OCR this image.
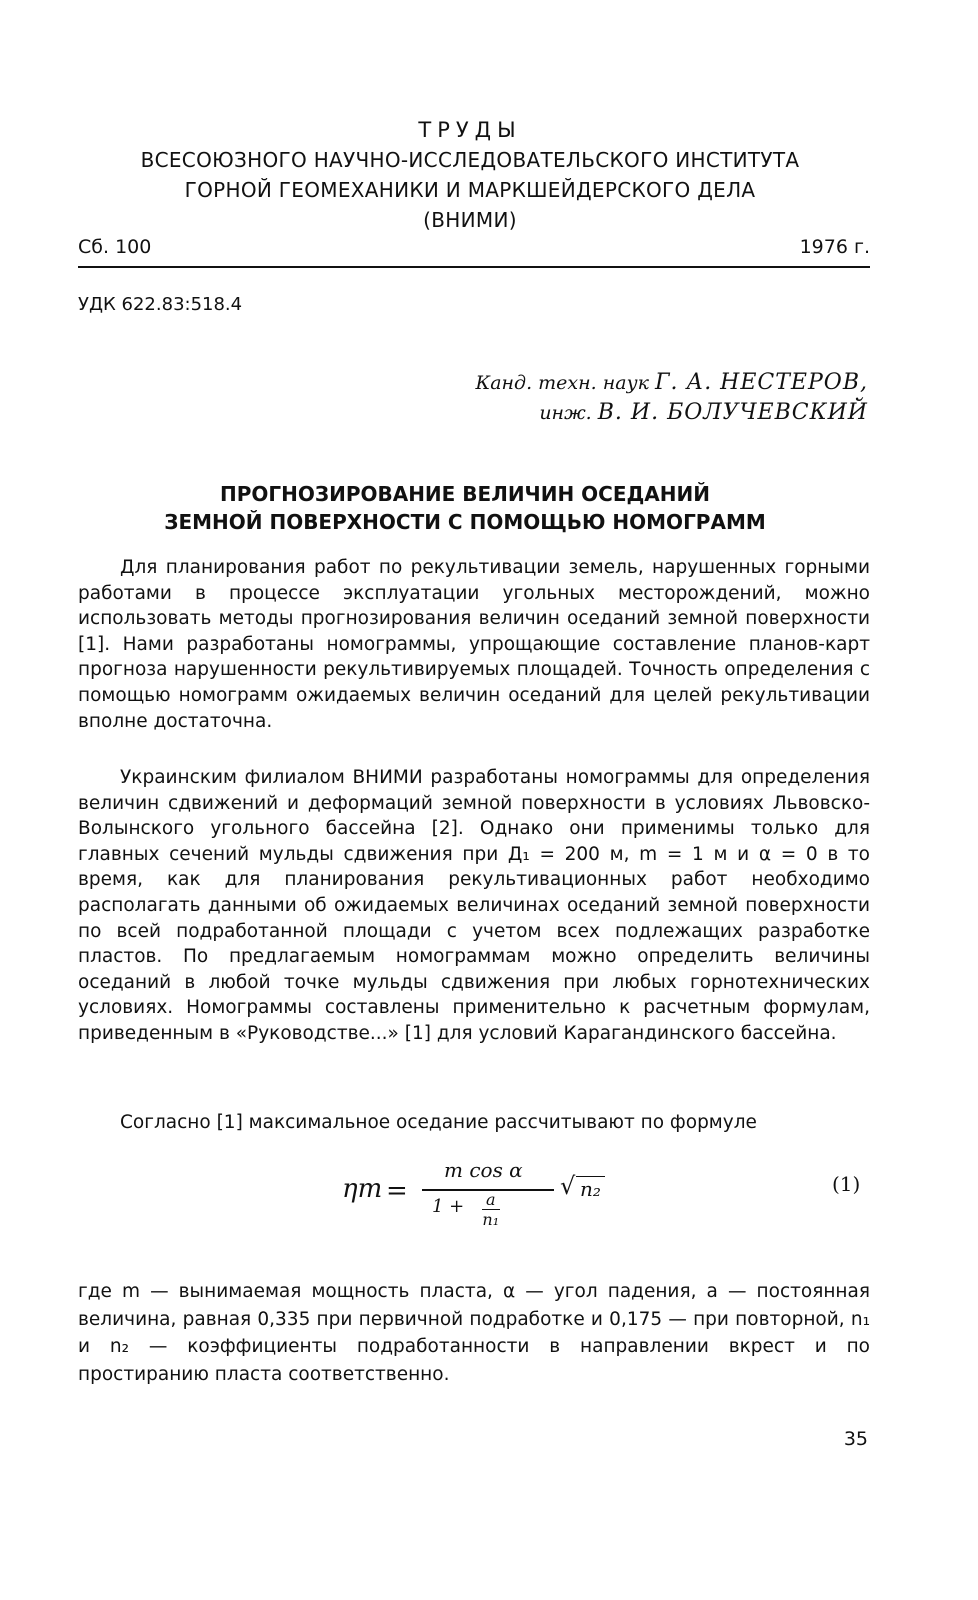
ТРУДЫ
ВСЕСОЮЗНОГО НАУЧНО-ИССЛЕДОВАТЕЛЬСКОГО ИНСТИТУТА
ГОРНОЙ ГЕОМЕХАНИКИ И МАРКШЕЙДЕРСКОГО ДЕЛА
(ВНИМИ)
Сб. 100	1976 г.
УДК 622.83:518.4
Канд. техн. наук Г. А. НЕСТЕРОВ,
инж. В. И. БОЛУЧЕВСКИЙ
ПРОГНОЗИРОВАНИЕ ВЕЛИЧИН ОСЕДАНИЙ
ЗЕМНОЙ ПОВЕРХНОСТИ С ПОМОЩЬЮ НОМОГРАММ

Для планирования работ по рекультивации земель, нарушенных горными работами в процессе эксплуатации угольных месторождений, можно использовать методы прогнозирования величин оседаний земной поверхности [1]. Нами разработаны номограммы, упрощающие составление планов-карт прогноза нарушенности рекультивируемых площадей. Точность определения с помощью номограмм ожидаемых величин оседаний для целей рекультивации вполне достаточна.

Украинским филиалом ВНИМИ разработаны номограммы для определения величин сдвижений и деформаций земной поверхности в условиях Львовско-Волынского угольного бассейна [2]. Однако они применимы только для главных сечений мульды сдвижения при Д₁ = 200 м, m = 1 м и α = 0 в то время, как для планирования рекультивационных работ необходимо располагать данными об ожидаемых величинах оседаний земной поверхности по всей подработанной площади с учетом всех подлежащих разработке пластов. По предлагаемым номограммам можно определить величины оседаний в любой точке мульды сдвижения при любых горнотехнических условиях. Номограммы составлены применительно к расчетным формулам, приведенным в «Руководстве...» [1] для условий Карагандинского бассейна.

Согласно [1] максимальное оседание рассчитывают по формуле

ηm =
m cos α
$1 + \frac{a}{\text{n₁}}$
√ n₂	(1)

где m — вынимаемая мощность пласта, α — угол падения, a — постоянная величина, равная 0,335 при первичной подработке и 0,175 — при повторной, n₁ и n₂ — коэффициенты подработанности в направлении вкрест и по простиранию пласта соответственно.

35
